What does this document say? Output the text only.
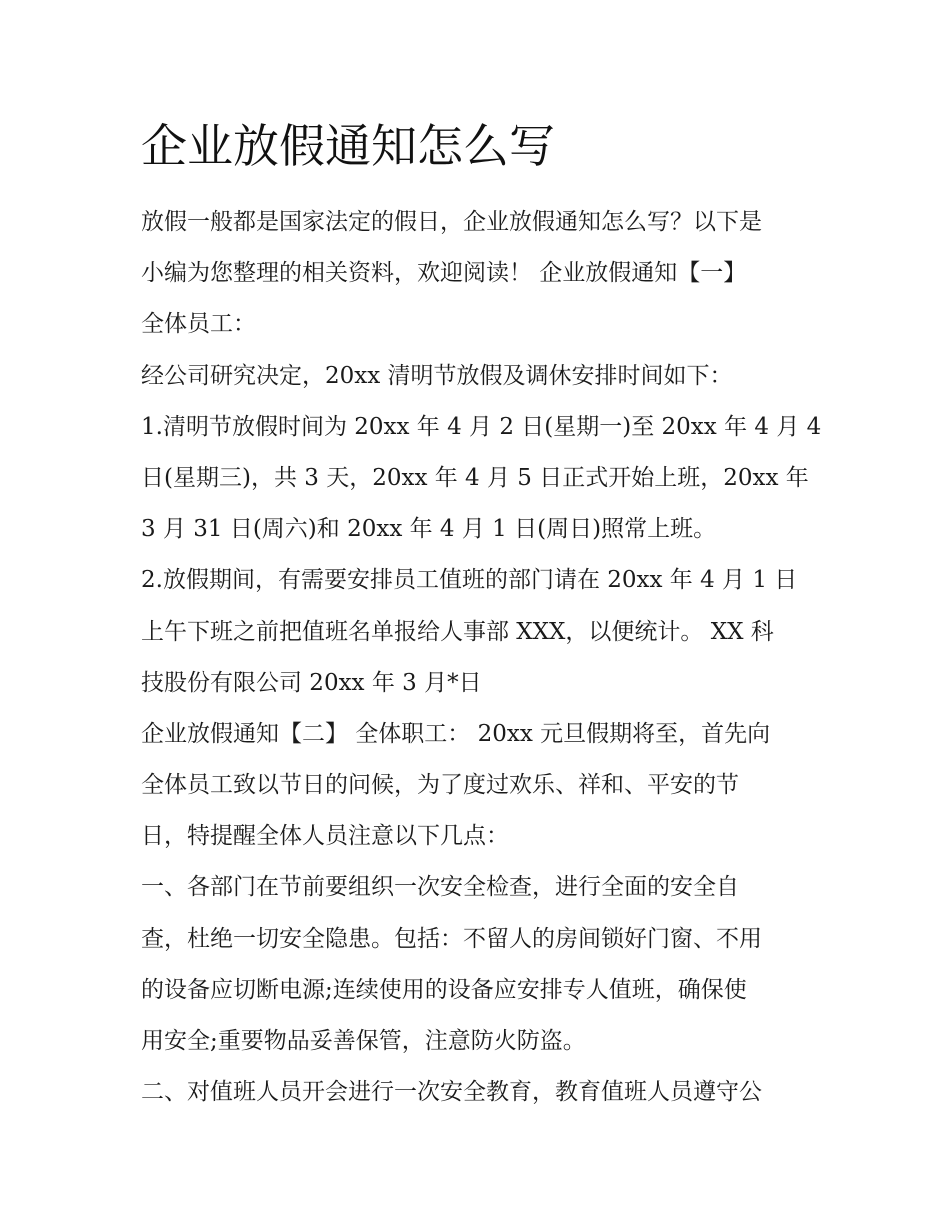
企业放假通知怎么写
放假一般都是国家法定的假日，企业放假通知怎么写？以下是
小编为您整理的相关资料，欢迎阅读！ 企业放假通知【一】
全体员工：
经公司研究决定，20xx 清明节放假及调休安排时间如下：
1.清明节放假时间为 20xx 年 4 月 2 日(星期一)至 20xx 年 4 月 4
日(星期三)，共 3 天，20xx 年 4 月 5 日正式开始上班，20xx 年
3 月 31 日(周六)和 20xx 年 4 月 1 日(周日)照常上班。
2.放假期间，有需要安排员工值班的部门请在 20xx 年 4 月 1 日
上午下班之前把值班名单报给人事部 XXX，以便统计。 XX 科
技股份有限公司 20xx 年 3 月*日
企业放假通知【二】 全体职工： 20xx 元旦假期将至，首先向
全体员工致以节日的问候，为了度过欢乐、祥和、平安的节
日，特提醒全体人员注意以下几点：
一、各部门在节前要组织一次安全检查，进行全面的安全自
查，杜绝一切安全隐患。包括：不留人的房间锁好门窗、不用
的设备应切断电源;连续使用的设备应安排专人值班，确保使
用安全;重要物品妥善保管，注意防火防盗。
二、对值班人员开会进行一次安全教育，教育值班人员遵守公
